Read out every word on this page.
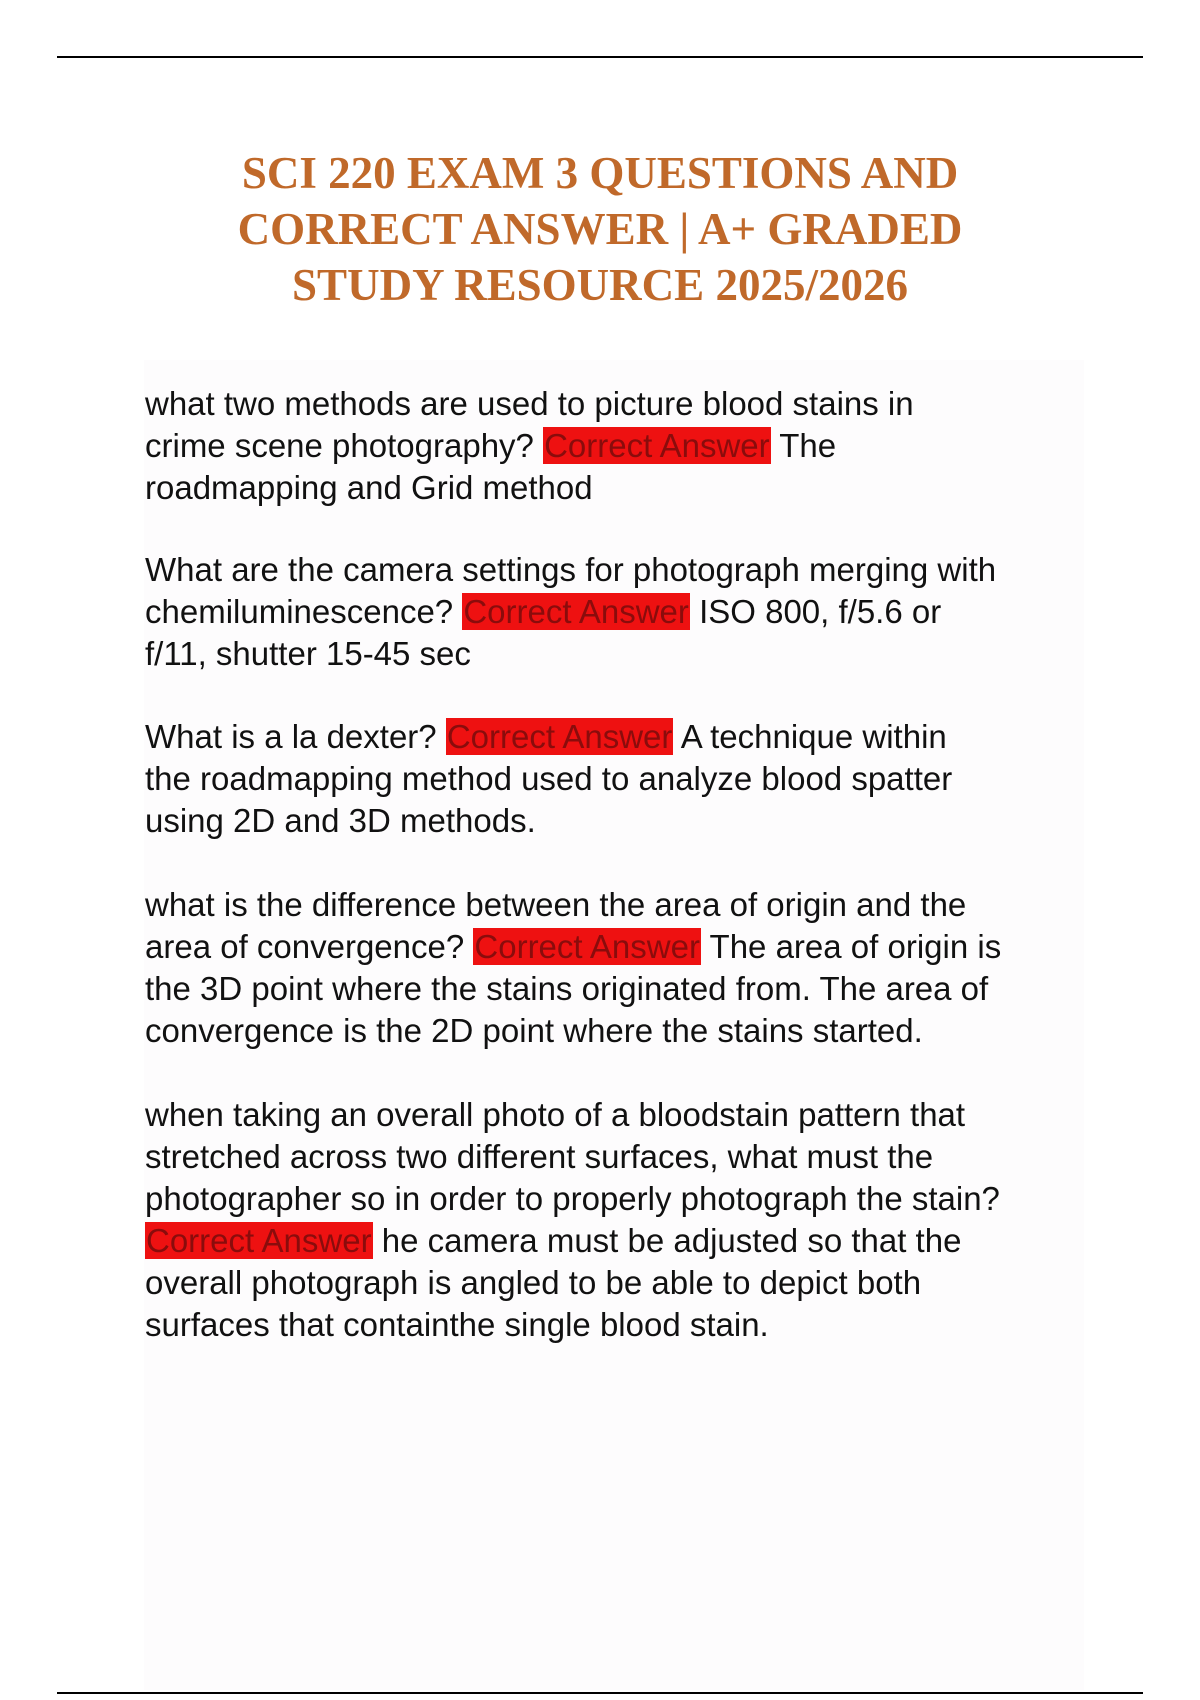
SCI 220 EXAM 3 QUESTIONS AND
CORRECT ANSWER | A+ GRADED
STUDY RESOURCE 2025/2026

what two methods are used to picture blood stains in
crime scene photography? Correct Answer The
roadmapping and Grid method

What are the camera settings for photograph merging with
chemiluminescence? Correct Answer ISO 800, f/5.6 or
f/11, shutter 15-45 sec

What is a la dexter? Correct Answer A technique within
the roadmapping method used to analyze blood spatter
using 2D and 3D methods.

what is the difference between the area of origin and the
area of convergence? Correct Answer The area of origin is
the 3D point where the stains originated from. The area of
convergence is the 2D point where the stains started.

when taking an overall photo of a bloodstain pattern that
stretched across two different surfaces, what must the
photographer so in order to properly photograph the stain?
Correct Answer he camera must be adjusted so that the
overall photograph is angled to be able to depict both
surfaces that containthe single blood stain.
